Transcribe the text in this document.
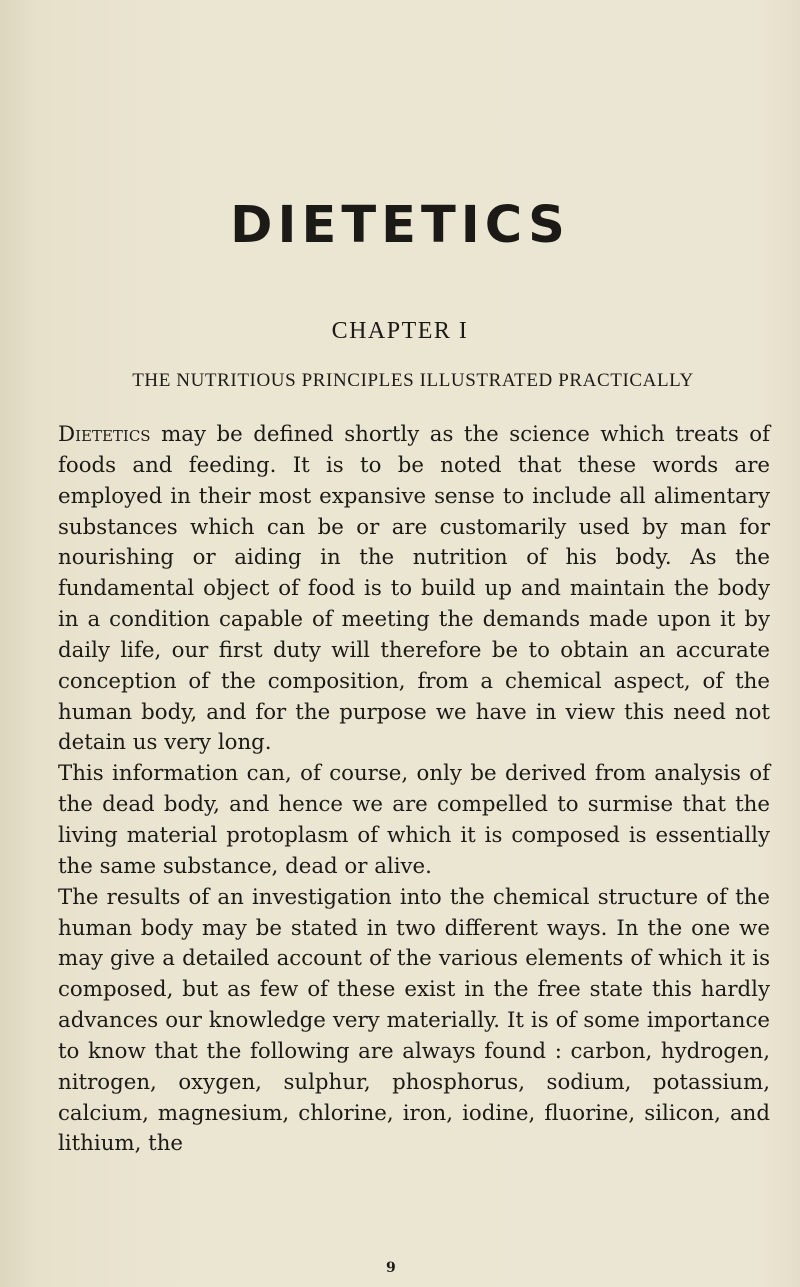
DIETETICS
CHAPTER I
THE NUTRITIOUS PRINCIPLES ILLUSTRATED PRACTICALLY

Dietetics may be defined shortly as the science which treats of foods and feeding. It is to be noted that these words are employed in their most expansive sense to include all alimentary substances which can be or are customarily used by man for nourishing or aiding in the nutrition of his body. As the fundamental object of food is to build up and maintain the body in a condition capable of meeting the demands made upon it by daily life, our first duty will therefore be to obtain an accurate conception of the composition, from a chemical aspect, of the human body, and for the purpose we have in view this need not detain us very long.

This information can, of course, only be derived from analysis of the dead body, and hence we are compelled to surmise that the living material protoplasm of which it is composed is essentially the same substance, dead or alive.

The results of an investigation into the chemical structure of the human body may be stated in two different ways. In the one we may give a detailed account of the various elements of which it is composed, but as few of these exist in the free state this hardly advances our knowledge very materially. It is of some importance to know that the following are always found : carbon, hydrogen, nitrogen, oxygen, sulphur, phosphorus, sodium, potassium, calcium, magnesium, chlorine, iron, iodine, fluorine, silicon, and lithium, the

9
